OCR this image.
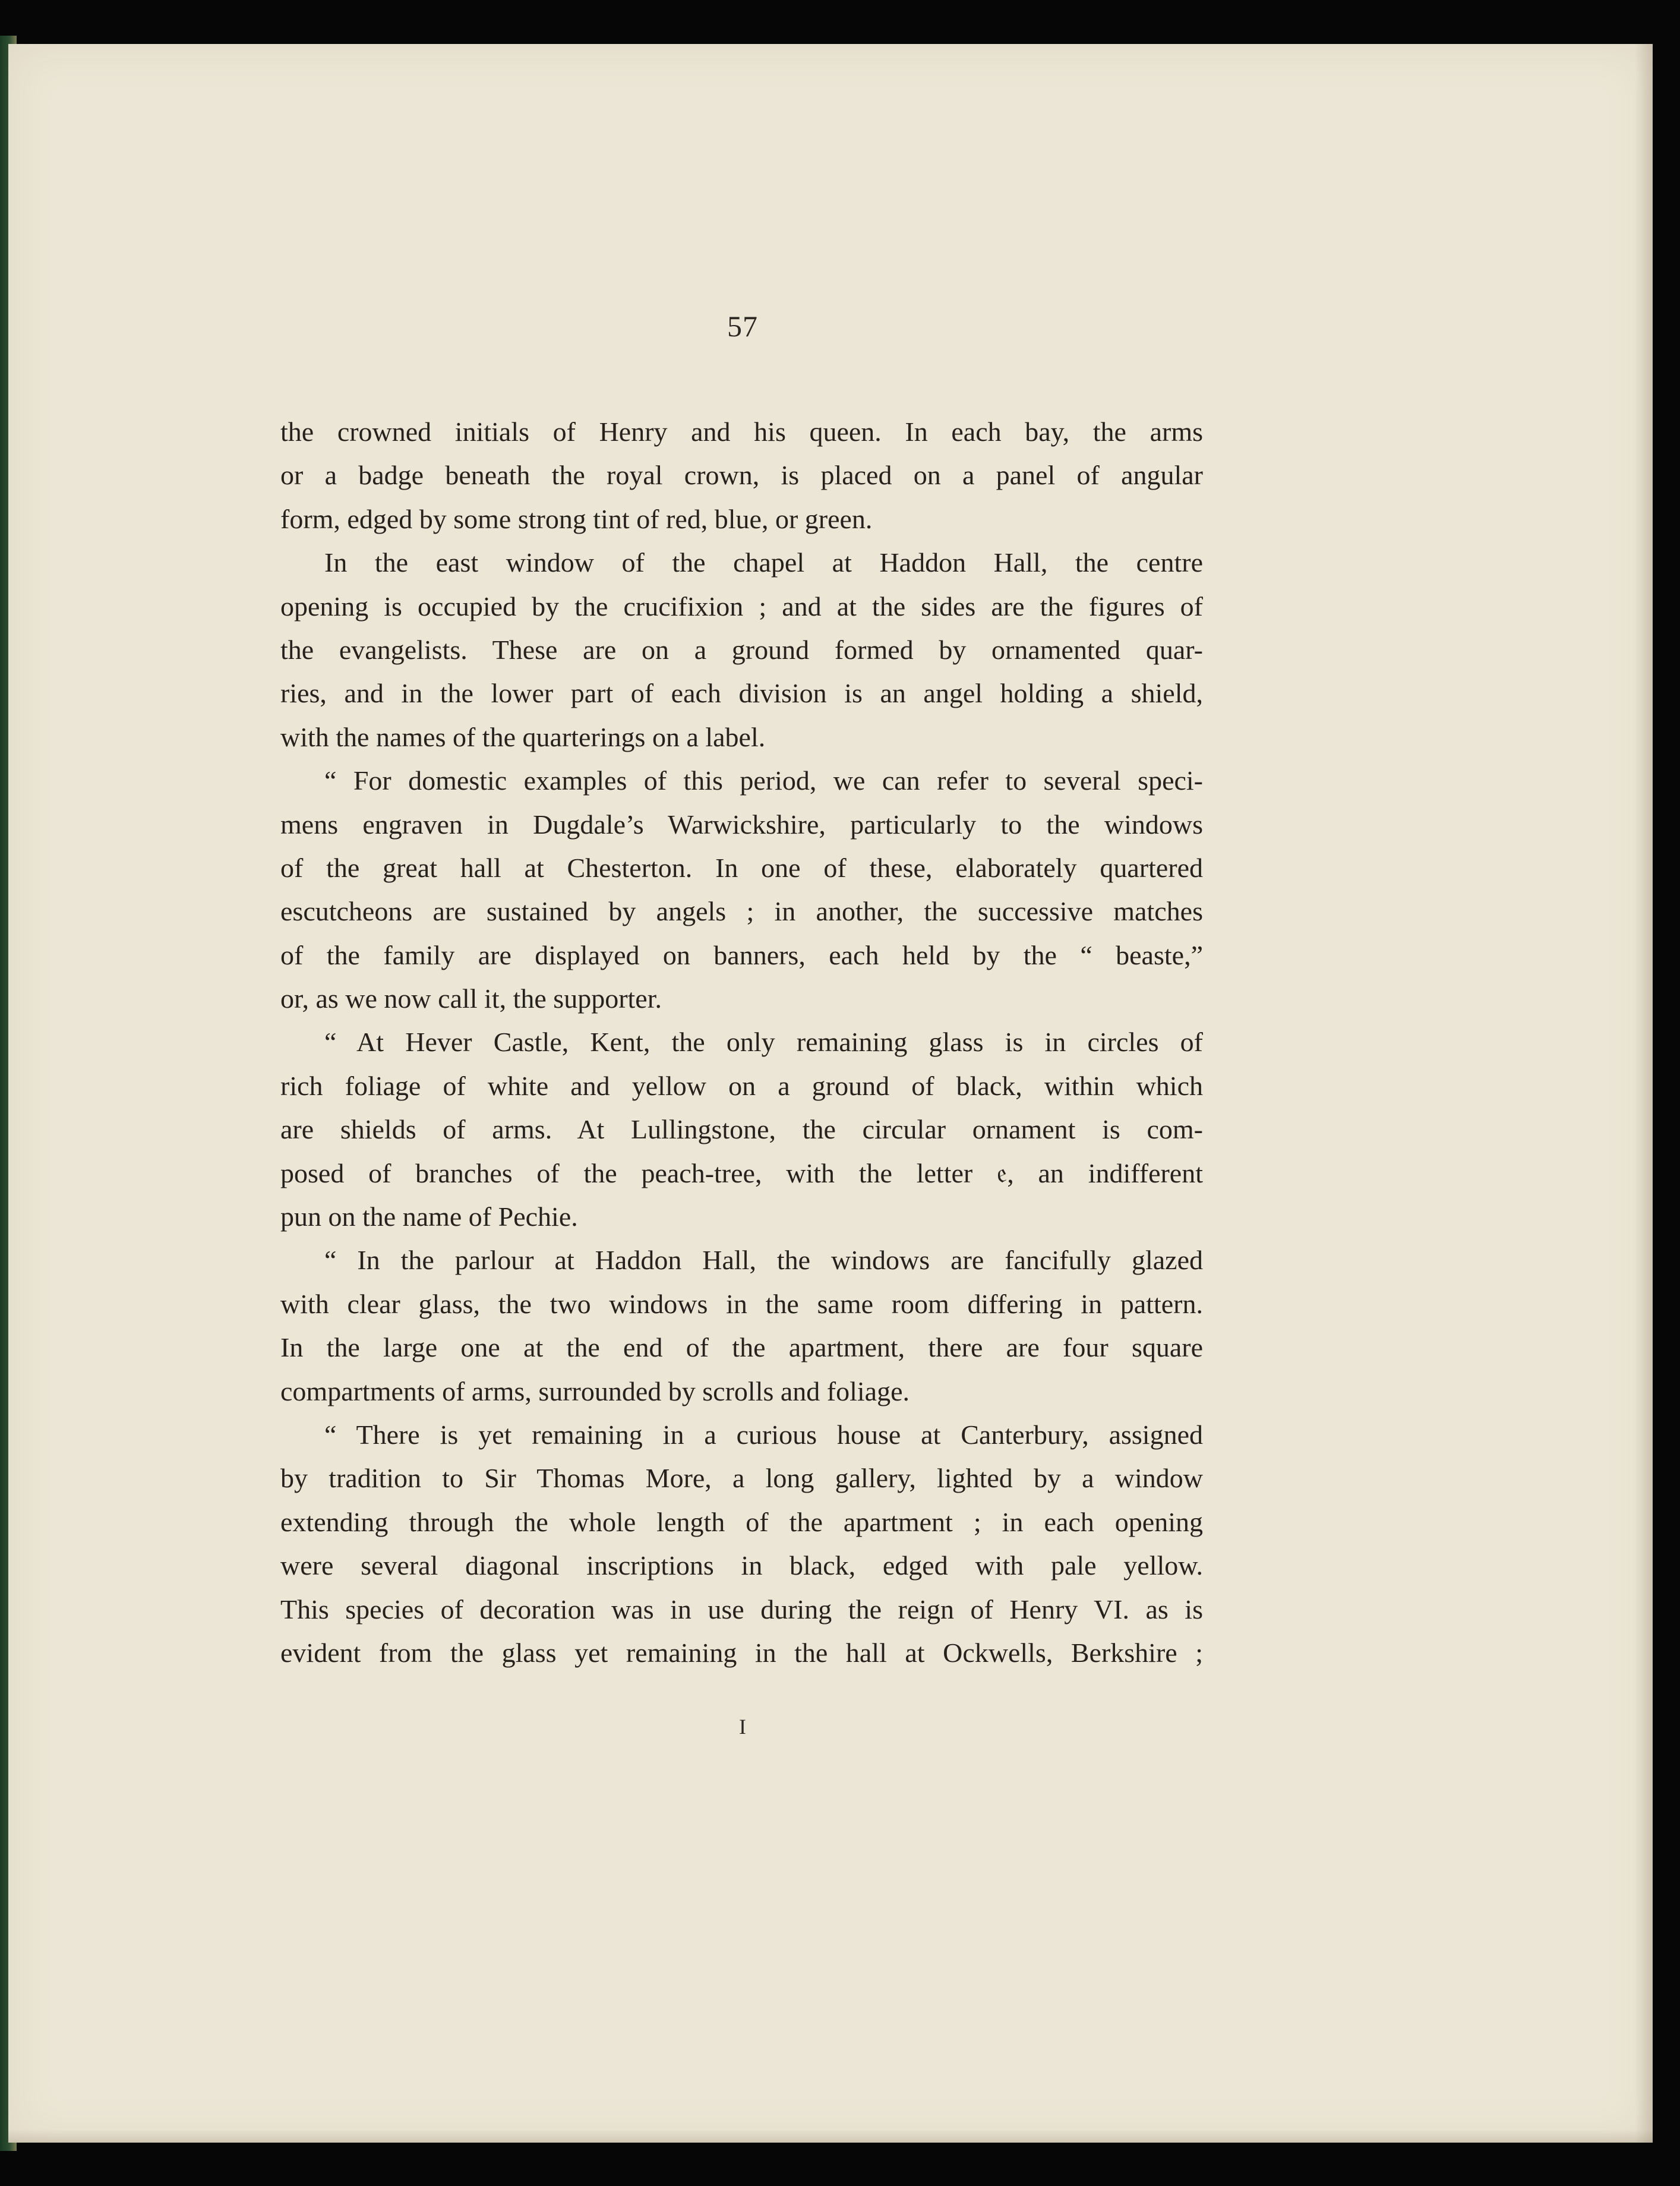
57
the crowned initials of Henry and his queen. In each bay, the arms
or a badge beneath the royal crown, is placed on a panel of angular
form, edged by some strong tint of red, blue, or green.
In the east window of the chapel at Haddon Hall, the centre
opening is occupied by the crucifixion ; and at the sides are the figures of
the evangelists. These are on a ground formed by ornamented quar-
ries, and in the lower part of each division is an angel holding a shield,
with the names of the quarterings on a label.
“ For domestic examples of this period, we can refer to several speci-
mens engraven in Dugdale’s Warwickshire, particularly to the windows
of the great hall at Chesterton. In one of these, elaborately quartered
escutcheons are sustained by angels ; in another, the successive matches
of the family are displayed on banners, each held by the “ beaste,”
or, as we now call it, the supporter.
“ At Hever Castle, Kent, the only remaining glass is in circles of
rich foliage of white and yellow on a ground of black, within which
are shields of arms. At Lullingstone, the circular ornament is com-
posed of branches of the peach-tree, with the letter 𝔢, an indifferent
pun on the name of Pechie.
“ In the parlour at Haddon Hall, the windows are fancifully glazed
with clear glass, the two windows in the same room differing in pattern.
In the large one at the end of the apartment, there are four square
compartments of arms, surrounded by scrolls and foliage.
“ There is yet remaining in a curious house at Canterbury, assigned
by tradition to Sir Thomas More, a long gallery, lighted by a window
extending through the whole length of the apartment ; in each opening
were several diagonal inscriptions in black, edged with pale yellow.
This species of decoration was in use during the reign of Henry VI. as is
evident from the glass yet remaining in the hall at Ockwells, Berkshire ;
I
